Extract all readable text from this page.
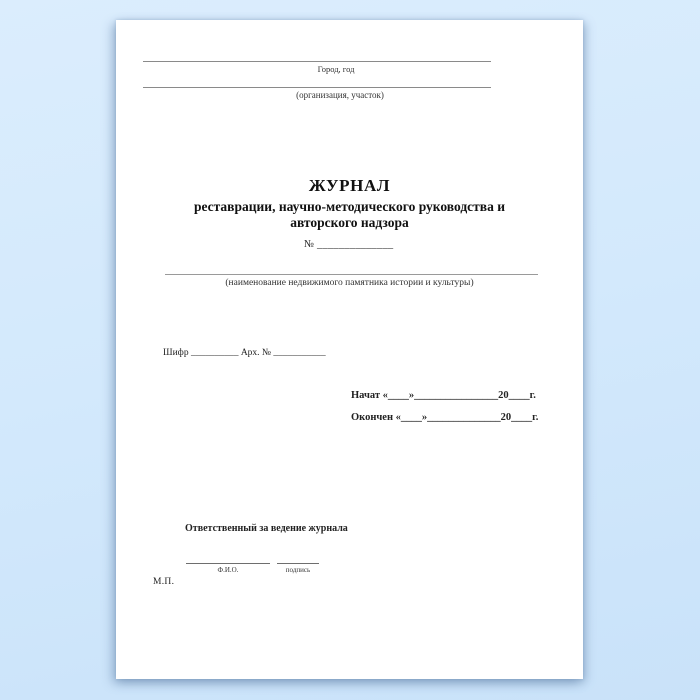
Город, год
(организация, участок)
ЖУРНАЛ
реставрации, научно-методического руководства и
авторского надзора
№ ______________
(наименование недвижимого памятника истории и культуры)
Шифр __________ Арх. № ___________
Начат «____»________________20____г.
Окончен «____»______________20____г.
Ответственный за ведение журнала
Ф.И.О.	подпись
М.П.
